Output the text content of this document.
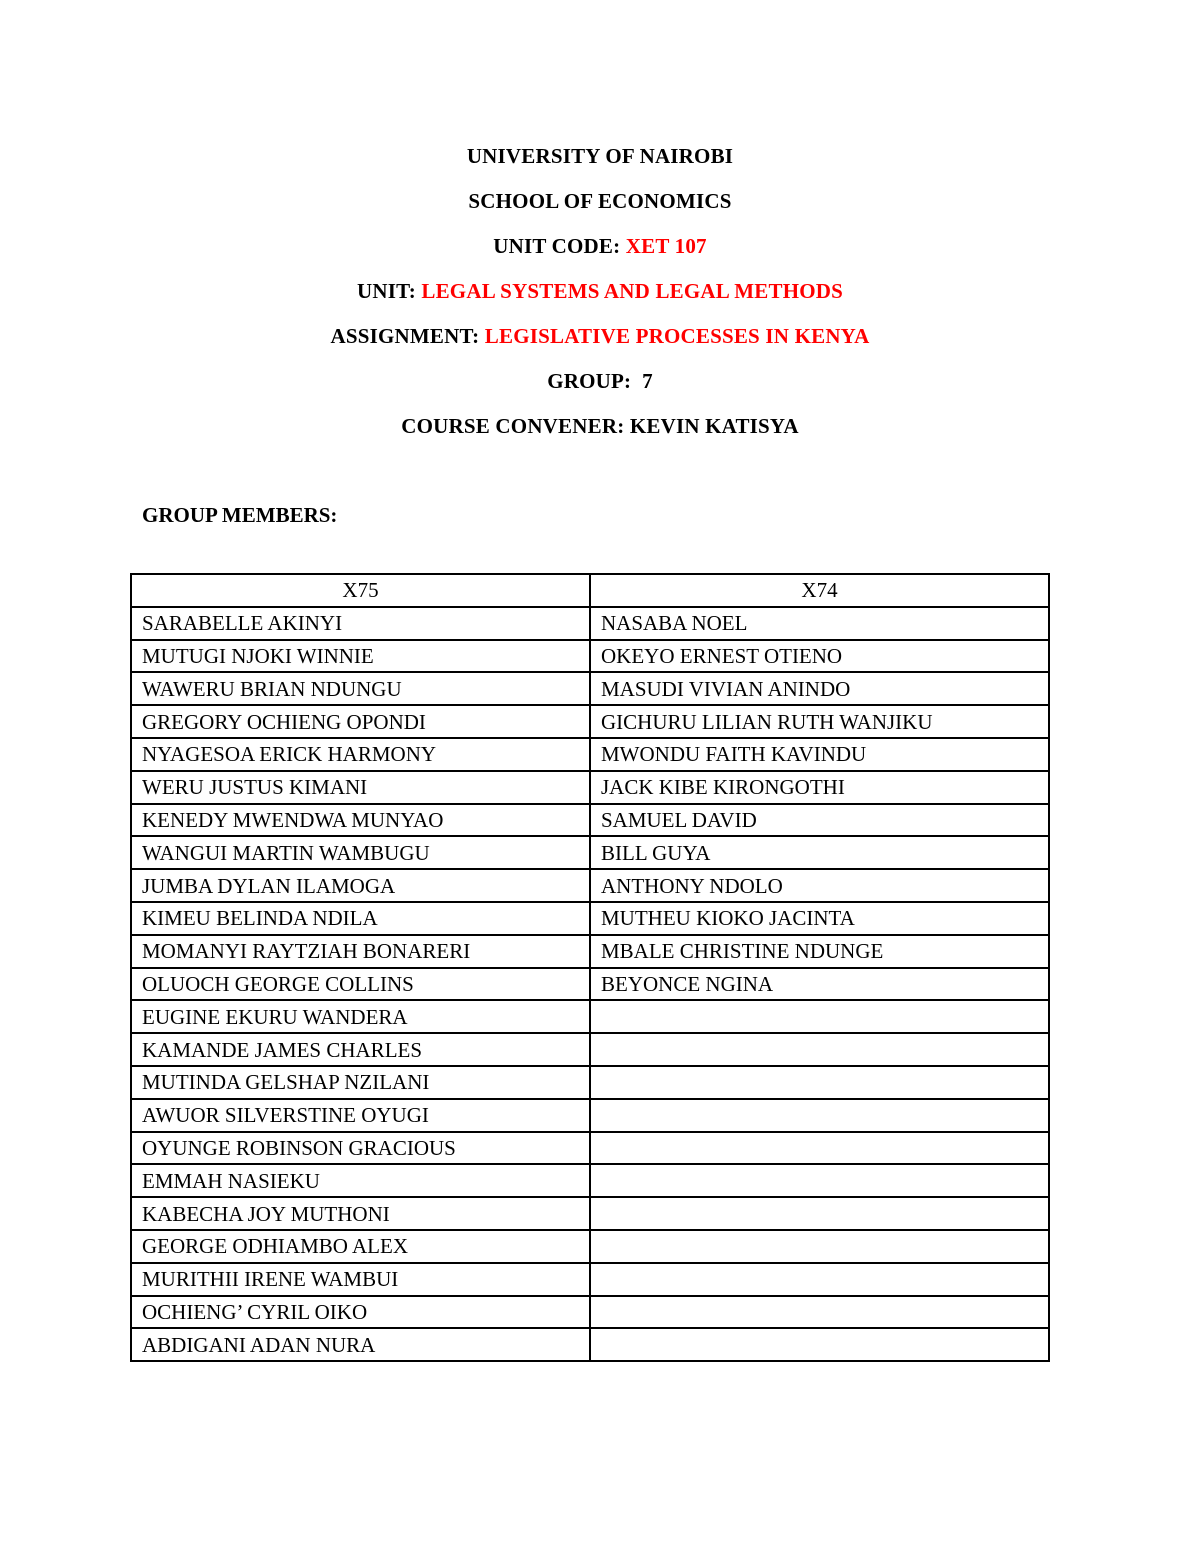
UNIVERSITY OF NAIROBI
SCHOOL OF ECONOMICS
UNIT CODE: XET 107
UNIT: LEGAL SYSTEMS AND LEGAL METHODS
ASSIGNMENT: LEGISLATIVE PROCESSES IN KENYA
GROUP:  7
COURSE CONVENER: KEVIN KATISYA
GROUP MEMBERS:
X75	X74
SARABELLE AKINYI	NASABA NOEL
MUTUGI NJOKI WINNIE	OKEYO ERNEST OTIENO
WAWERU BRIAN NDUNGU	MASUDI VIVIAN ANINDO
GREGORY OCHIENG OPONDI	GICHURU LILIAN RUTH WANJIKU
NYAGESOA ERICK HARMONY	MWONDU FAITH KAVINDU
WERU JUSTUS KIMANI	JACK KIBE KIRONGOTHI
KENEDY MWENDWA MUNYAO	SAMUEL DAVID
WANGUI MARTIN WAMBUGU	BILL GUYA
JUMBA DYLAN ILAMOGA	ANTHONY NDOLO
KIMEU BELINDA NDILA	MUTHEU KIOKO JACINTA
MOMANYI RAYTZIAH BONARERI	MBALE CHRISTINE NDUNGE
OLUOCH GEORGE COLLINS	BEYONCE NGINA
EUGINE EKURU WANDERA	
KAMANDE JAMES CHARLES	
MUTINDA GELSHAP NZILANI	
AWUOR SILVERSTINE OYUGI	
OYUNGE ROBINSON GRACIOUS	
EMMAH NASIEKU	
KABECHA JOY MUTHONI	
GEORGE ODHIAMBO ALEX	
MURITHII IRENE WAMBUI	
OCHIENG’ CYRIL OIKO	
ABDIGANI ADAN NURA	
